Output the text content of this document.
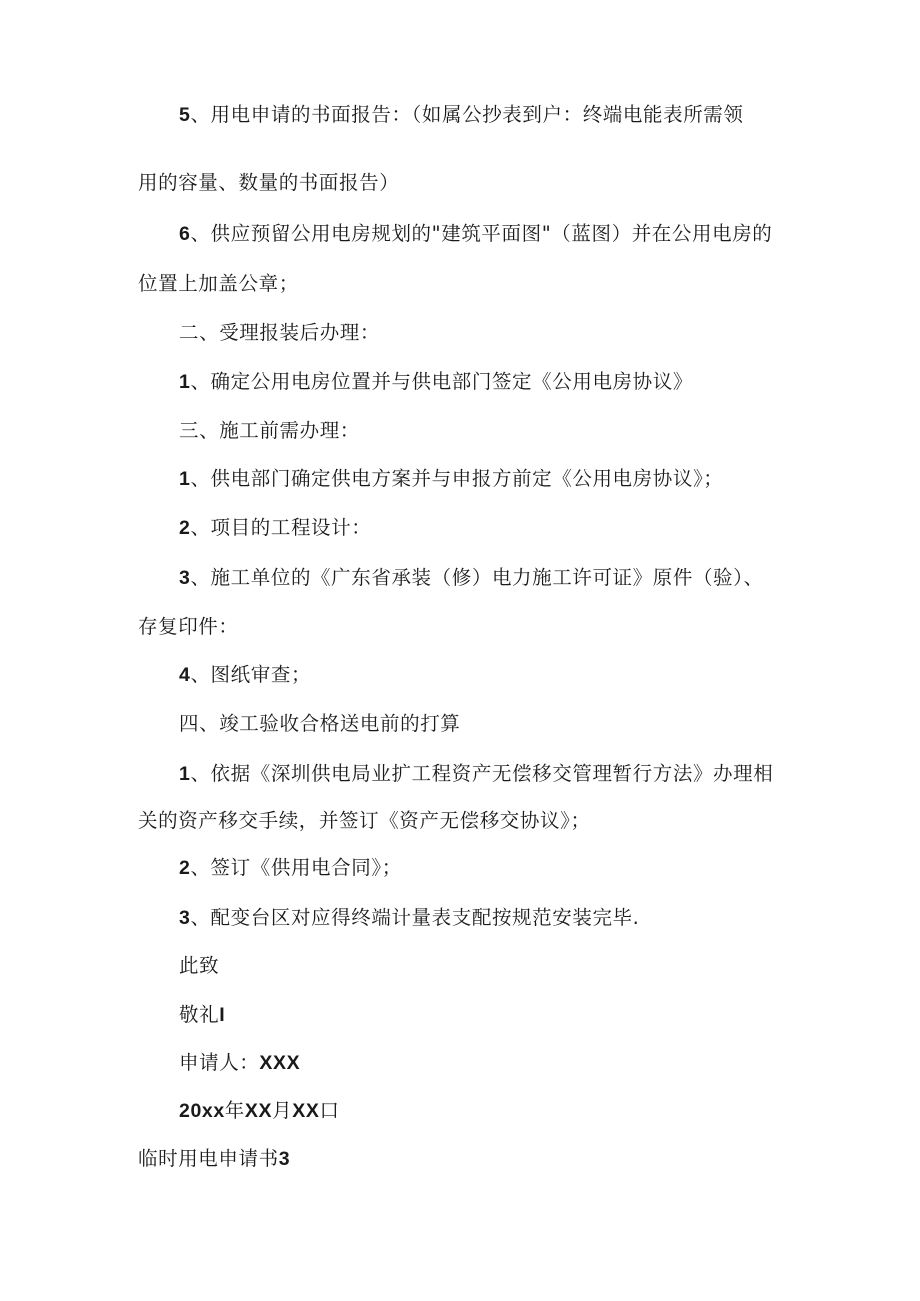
5、用电申请的书面报告：（如属公抄表到户：终端电能表所需领
用的容量、数量的书面报告）
6、供应预留公用电房规划的"建筑平面图"（蓝图）并在公用电房的
位置上加盖公章；
二、受理报装后办理：
1、确定公用电房位置并与供电部门签定《公用电房协议》
三、施工前需办理：
1、供电部门确定供电方案并与申报方前定《公用电房协议》；
2、项目的工程设计：
3、施工单位的《广东省承装（修）电力施工许可证》原件（验）、
存复印件：
4、图纸审查；
四、竣工验收合格送电前的打算
1、依据《深圳供电局业扩工程资产无偿移交管理暂行方法》办理相
关的资产移交手续，并签订《资产无偿移交协议》；
2、签订《供用电合同》；
3、配变台区对应得终端计量表支配按规范安装完毕.
此致
敬礼I
申请人：XXX
20xx年XX月XX口
临时用电申请书3
